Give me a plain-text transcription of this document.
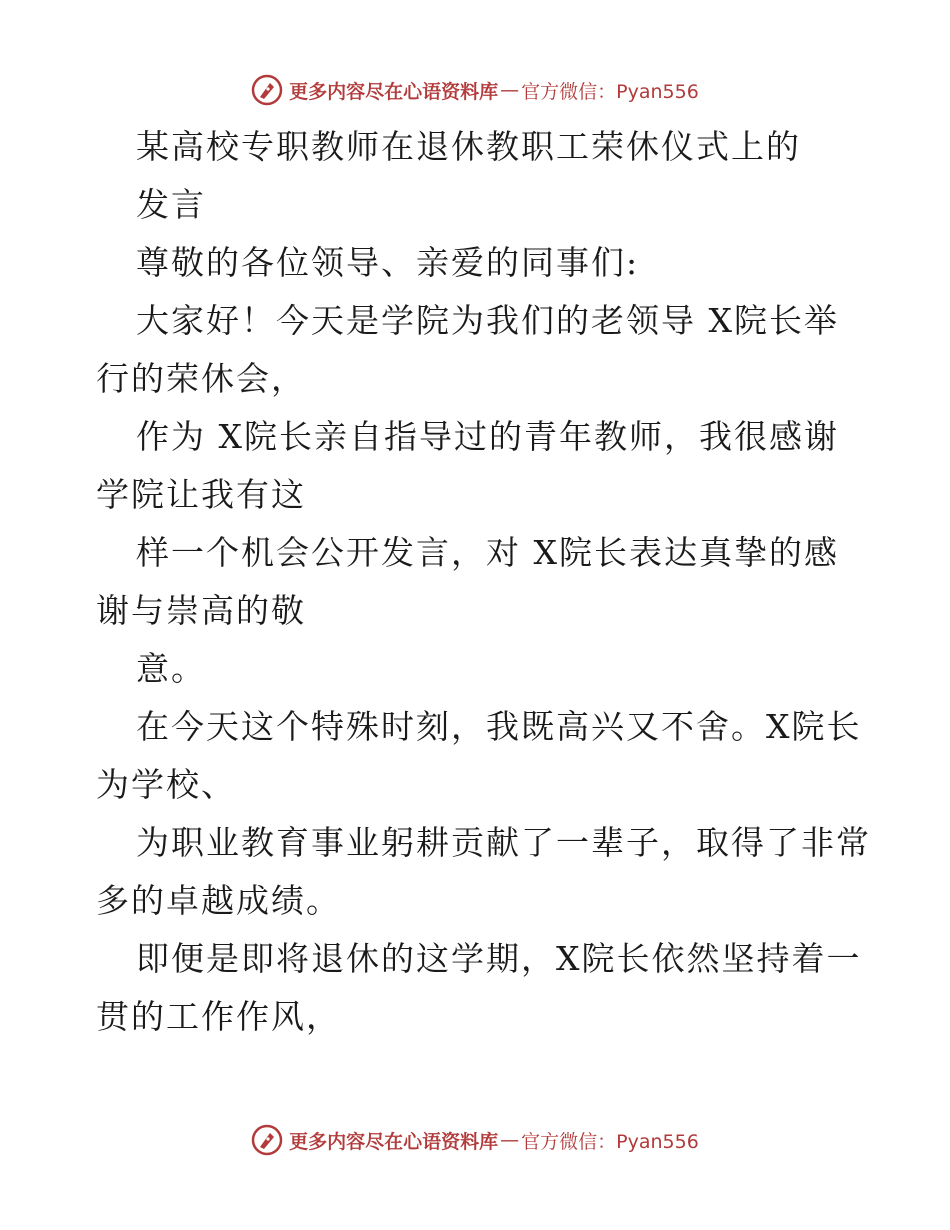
更多内容尽在心语资料库 — 官方微信：Pyan556
某高校专职教师在退休教职工荣休仪式上的
发言
尊敬的各位领导、亲爱的同事们:
大家好！今天是学院为我们的老领导 X院长举
行的荣休会，
作为 X院长亲自指导过的青年教师，我很感谢
学院让我有这
样一个机会公开发言，对 X院长表达真挚的感
谢与崇高的敬
意。
在今天这个特殊时刻，我既高兴又不舍。X院长
为学校、
为职业教育事业躬耕贡献了一辈子，取得了非常
多的卓越成绩。
即便是即将退休的这学期，X院长依然坚持着一
贯的工作作风，
更多内容尽在心语资料库 — 官方微信：Pyan556
